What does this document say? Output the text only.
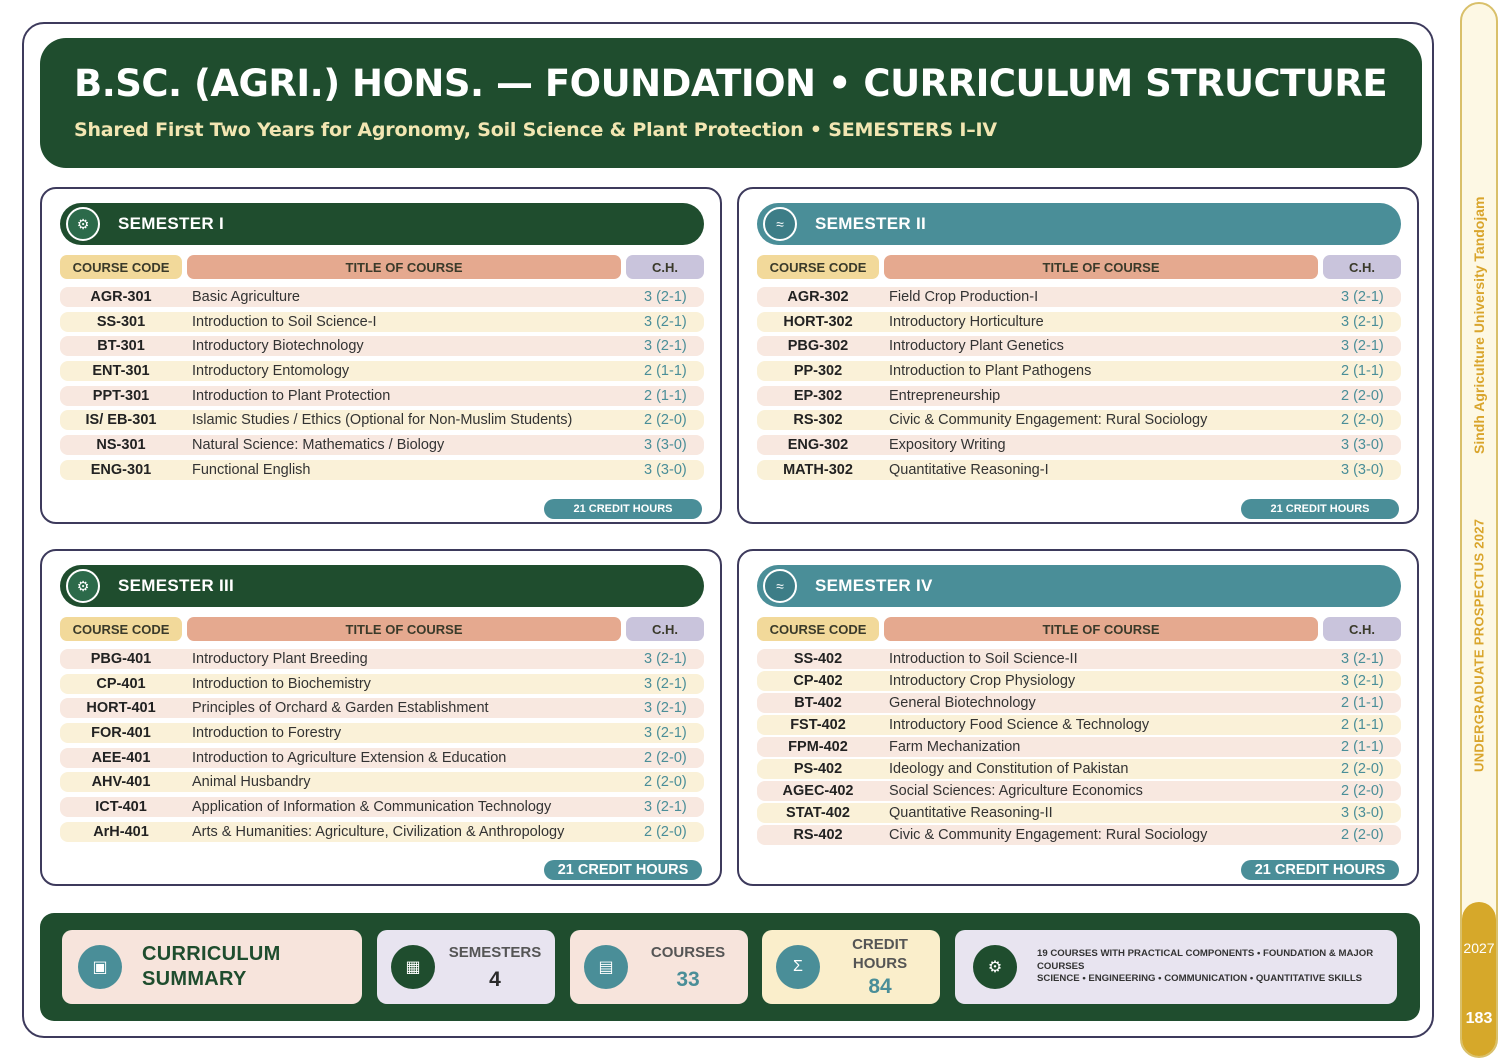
B.SC. (AGRI.) HONS. — FOUNDATION • CURRICULUM STRUCTURE
Shared First Two Years for Agronomy, Soil Science & Plant Protection • SEMESTERS I–IV
⚙	SEMESTER I
COURSE CODE	TITLE OF COURSE	C.H.
AGR-301	Basic Agriculture	3 (2-1)
SS-301	Introduction to Soil Science-I	3 (2-1)
BT-301	Introductory Biotechnology	3 (2-1)
ENT-301	Introductory Entomology	2 (1-1)
PPT-301	Introduction to Plant Protection	2 (1-1)
IS/ EB-301	Islamic Studies / Ethics (Optional for Non-Muslim Students)	2 (2-0)
NS-301	Natural Science: Mathematics / Biology	3 (3-0)
ENG-301	Functional English	3 (3-0)
21 CREDIT HOURS
≈	SEMESTER II
COURSE CODE	TITLE OF COURSE	C.H.
AGR-302	Field Crop Production-I	3 (2-1)
HORT-302	Introductory Horticulture	3 (2-1)
PBG-302	Introductory Plant Genetics	3 (2-1)
PP-302	Introduction to Plant Pathogens	2 (1-1)
EP-302	Entrepreneurship	2 (2-0)
RS-302	Civic & Community Engagement: Rural Sociology	2 (2-0)
ENG-302	Expository Writing	3 (3-0)
MATH-302	Quantitative Reasoning-I	3 (3-0)
21 CREDIT HOURS
⚙	SEMESTER III
COURSE CODE	TITLE OF COURSE	C.H.
PBG-401	Introductory Plant Breeding	3 (2-1)
CP-401	Introduction to Biochemistry	3 (2-1)
HORT-401	Principles of Orchard & Garden Establishment	3 (2-1)
FOR-401	Introduction to Forestry	3 (2-1)
AEE-401	Introduction to Agriculture Extension & Education	2 (2-0)
AHV-401	Animal Husbandry	2 (2-0)
ICT-401	Application of Information & Communication Technology	3 (2-1)
ArH-401	Arts & Humanities: Agriculture, Civilization & Anthropology	2 (2-0)
21 CREDIT HOURS
≈	SEMESTER IV
COURSE CODE	TITLE OF COURSE	C.H.
SS-402	Introduction to Soil Science-II	3 (2-1)
CP-402	Introductory Crop Physiology	3 (2-1)
BT-402	General Biotechnology	2 (1-1)
FST-402	Introductory Food Science & Technology	2 (1-1)
FPM-402	Farm Mechanization	2 (1-1)
PS-402	Ideology and Constitution of Pakistan	2 (2-0)
AGEC-402	Social Sciences: Agriculture Economics	2 (2-0)
STAT-402	Quantitative Reasoning-II	3 (3-0)
RS-402	Civic & Community Engagement: Rural Sociology	2 (2-0)
21 CREDIT HOURS
▣
CURRICULUM
SUMMARY
▦
SEMESTERS
4	▤
COURSES
33
Σ
CREDIT
HOURS
84
⚙
19 COURSES WITH PRACTICAL COMPONENTS • FOUNDATION & MAJOR
COURSES
SCIENCE • ENGINEERING • COMMUNICATION • QUANTITATIVE SKILLS
Sindh Agriculture University Tandojam
UNDERGRADUATE PROSPECTUS 2027
2027
183
